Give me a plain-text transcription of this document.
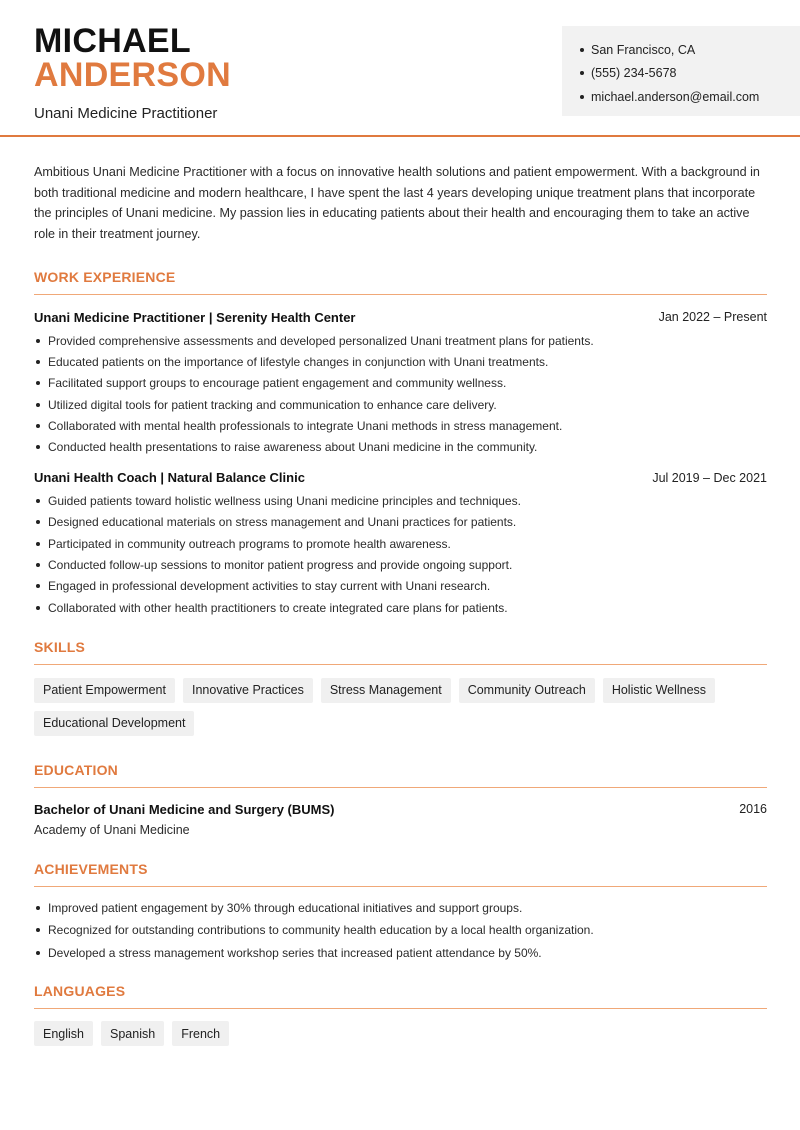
MICHAEL
ANDERSON
Unani Medicine Practitioner
San Francisco, CA
(555) 234-5678
michael.anderson@email.com

Ambitious Unani Medicine Practitioner with a focus on innovative health solutions and patient empowerment. With a background in both traditional medicine and modern healthcare, I have spent the last 4 years developing unique treatment plans that incorporate the principles of Unani medicine. My passion lies in educating patients about their health and encouraging them to take an active role in their treatment journey.

WORK EXPERIENCE
Unani Medicine Practitioner | Serenity Health Center	Jan 2022 – Present
Provided comprehensive assessments and developed personalized Unani treatment plans for patients.
Educated patients on the importance of lifestyle changes in conjunction with Unani treatments.
Facilitated support groups to encourage patient engagement and community wellness.
Utilized digital tools for patient tracking and communication to enhance care delivery.
Collaborated with mental health professionals to integrate Unani methods in stress management.
Conducted health presentations to raise awareness about Unani medicine in the community.
Unani Health Coach | Natural Balance Clinic	Jul 2019 – Dec 2021
Guided patients toward holistic wellness using Unani medicine principles and techniques.
Designed educational materials on stress management and Unani practices for patients.
Participated in community outreach programs to promote health awareness.
Conducted follow-up sessions to monitor patient progress and provide ongoing support.
Engaged in professional development activities to stay current with Unani research.
Collaborated with other health practitioners to create integrated care plans for patients.
SKILLS
Patient Empowerment	Innovative Practices	Stress Management	Community Outreach	Holistic Wellness
Educational Development
EDUCATION
Bachelor of Unani Medicine and Surgery (BUMS)	2016
Academy of Unani Medicine
ACHIEVEMENTS
Improved patient engagement by 30% through educational initiatives and support groups.
Recognized for outstanding contributions to community health education by a local health organization.
Developed a stress management workshop series that increased patient attendance by 50%.
LANGUAGES
English	Spanish	French
